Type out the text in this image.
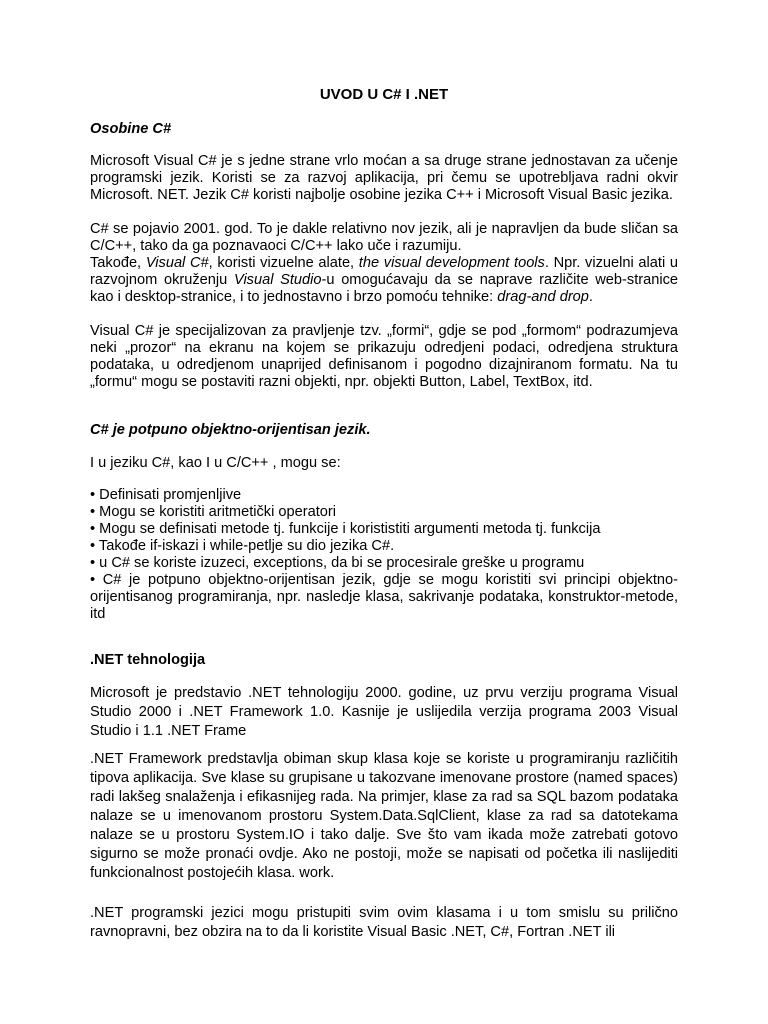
UVOD U C# I .NET
Osobine C#

Microsoft Visual C# je s jedne strane vrlo moćan a sa druge strane jednostavan za učenje programski jezik. Koristi se za razvoj aplikacija, pri čemu se upotrebljava radni okvir Microsoft. NET. Jezik C# koristi najbolje osobine jezika C++ i Microsoft Visual Basic jezika.

C# se pojavio 2001. god. To je dakle relativno nov jezik, ali je napravljen da bude sličan sa C/C++, tako da ga poznavaoci C/C++ lako uče i razumiju.

Takođe, Visual C#, koristi vizuelne alate, the visual development tools. Npr. vizuelni alati u razvojnom okruženju Visual Studio-u omogućavaju da se naprave različite web-stranice kao i desktop-stranice, i to jednostavno i brzo pomoću tehnike: drag-and drop.

Visual C# je specijalizovan za pravljenje tzv. „formi“, gdje se pod „formom“ podrazumjeva neki „prozor“ na ekranu na kojem se prikazuju odredjeni podaci, odredjena struktura podataka, u odredjenom unaprijed definisanom i pogodno dizajniranom formatu. Na tu „formu“ mogu se postaviti razni objekti, npr. objekti Button, Label, TextBox, itd.

C# je potpuno objektno-orijentisan jezik.
I u jeziku C#, kao I u C/C++ , mogu se:
• Definisati promjenljive
• Mogu se koristiti aritmetički operatori
• Mogu se definisati metode tj. funkcije i korististiti argumenti metoda tj. funkcija
• Takođe if-iskazi i while-petlje su dio jezika C#.
• u C# se koriste izuzeci, exceptions, da bi se procesirale greške u programu
• C# je potpuno objektno-orijentisan jezik, gdje se mogu koristiti svi principi objektno-orijentisanog programiranja, npr. nasledje klasa, sakrivanje podataka, konstruktor-metode, itd
.NET tehnologija

Microsoft je predstavio .NET tehnologiju 2000. godine, uz prvu verziju programa Visual Studio 2000 i .NET Framework 1.0. Kasnije je uslijedila verzija programa 2003 Visual Studio i 1.1 .NET Frame

.NET Framework predstavlja obiman skup klasa koje se koriste u programiranju različitih tipova aplikacija. Sve klase su grupisane u takozvane imenovane prostore (named spaces) radi lakšeg snalaženja i efikasnijeg rada. Na primjer, klase za rad sa SQL bazom podataka nalaze se u imenovanom prostoru System.Data.SqlClient, klase za rad sa datotekama nalaze se u prostoru System.IO i tako dalje. Sve što vam ikada može zatrebati gotovo sigurno se može pronaći ovdje. Ako ne postoji, može se napisati od početka ili naslijediti funkcionalnost postojećih klasa. work.

.NET programski jezici mogu pristupiti svim ovim klasama i u tom smislu su prilično ravnopravni, bez obzira na to da li koristite Visual Basic .NET, C#, Fortran .NET ili
